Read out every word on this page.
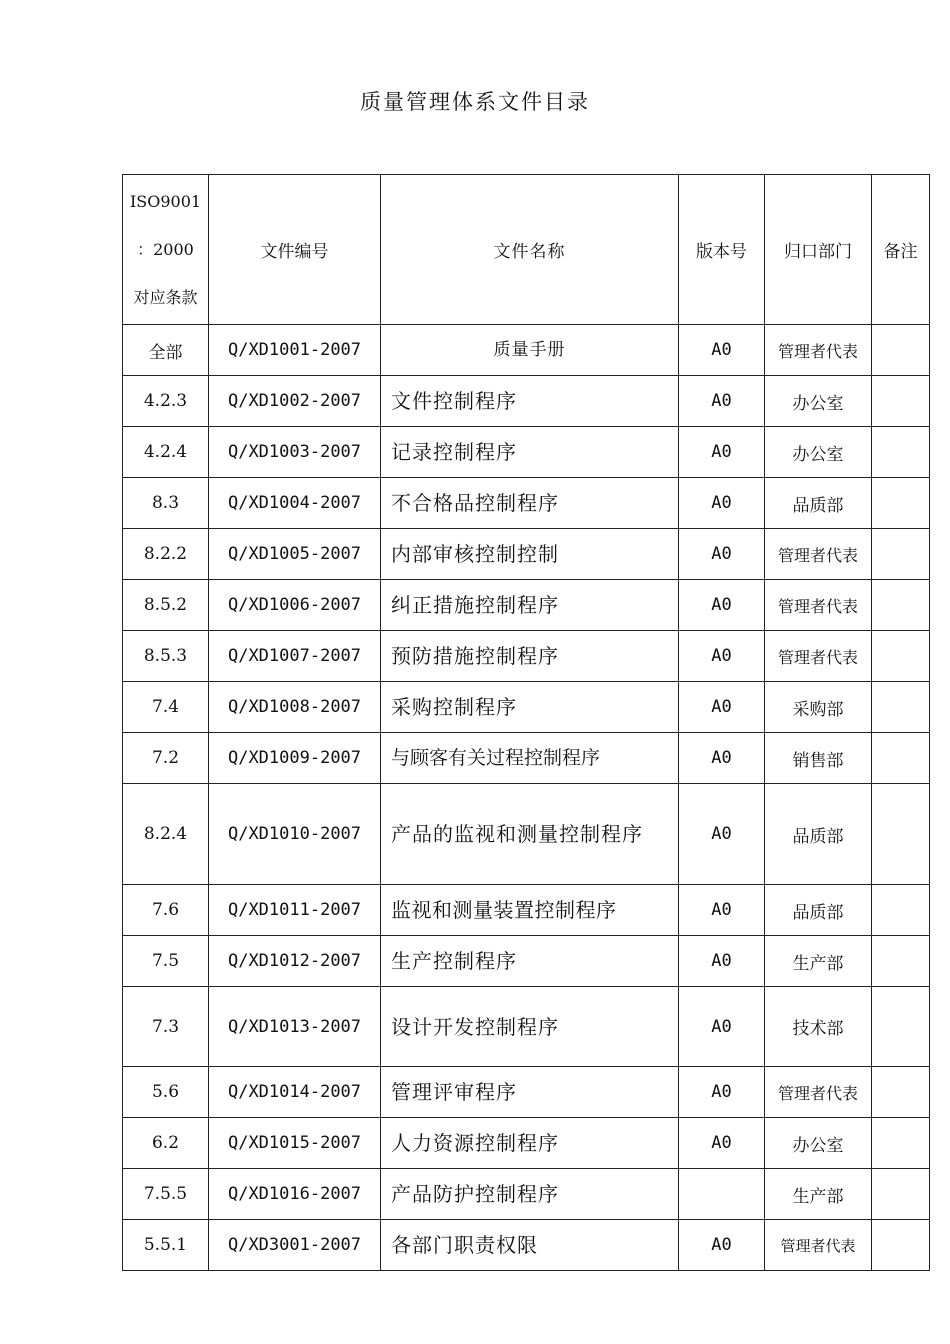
质量管理体系文件目录
ISO9001
：2000
对应条款	文件编号	文件名称	版本号	归口部门	备注
全部	Q/XD1001-2007	质量手册	A0	管理者代表	
4.2.3	Q/XD1002-2007	文件控制程序	A0	办公室	
4.2.4	Q/XD1003-2007	记录控制程序	A0	办公室	
8.3	Q/XD1004-2007	不合格品控制程序	A0	品质部	
8.2.2	Q/XD1005-2007	内部审核控制控制	A0	管理者代表	
8.5.2	Q/XD1006-2007	纠正措施控制程序	A0	管理者代表	
8.5.3	Q/XD1007-2007	预防措施控制程序	A0	管理者代表	
7.4	Q/XD1008-2007	采购控制程序	A0	采购部	
7.2	Q/XD1009-2007	与顾客有关过程控制程序	A0	销售部	
8.2.4	Q/XD1010-2007	产品的监视和测量控制程序	A0	品质部	
7.6	Q/XD1011-2007	监视和测量装置控制程序	A0	品质部	
7.5	Q/XD1012-2007	生产控制程序	A0	生产部	
7.3	Q/XD1013-2007	设计开发控制程序	A0	技术部	
5.6	Q/XD1014-2007	管理评审程序	A0	管理者代表	
6.2	Q/XD1015-2007	人力资源控制程序	A0	办公室	
7.5.5	Q/XD1016-2007	产品防护控制程序		生产部	
5.5.1	Q/XD3001-2007	各部门职责权限	A0	管理者代表	
